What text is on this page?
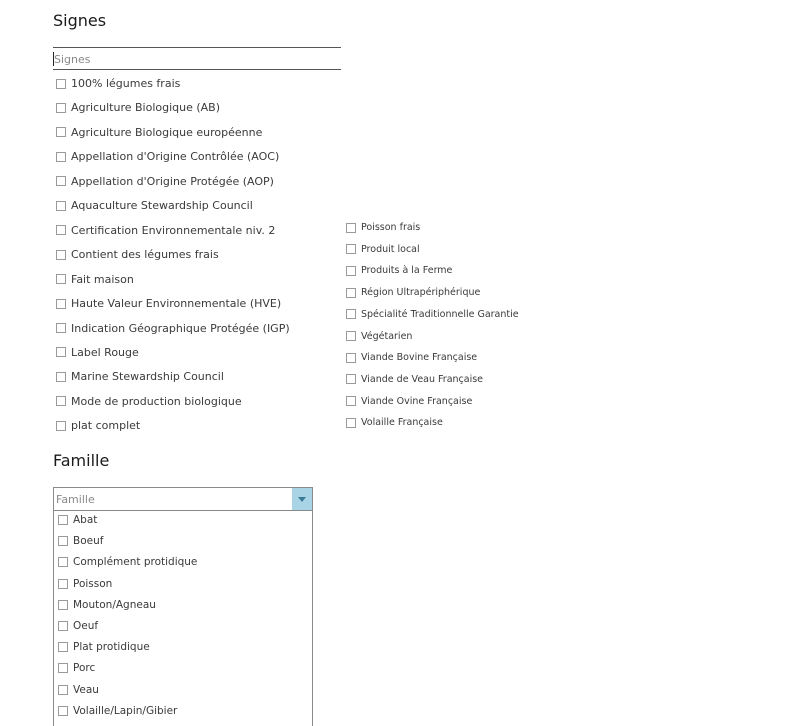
Signes
Signes
100% légumes frais
Agriculture Biologique (AB)
Agriculture Biologique européenne
Appellation d'Origine Contrôlée (AOC)
Appellation d'Origine Protégée (AOP)
Aquaculture Stewardship Council
Certification Environnementale niv. 2
Contient des légumes frais
Fait maison
Haute Valeur Environnementale (HVE)
Indication Géographique Protégée (IGP)
Label Rouge
Marine Stewardship Council
Mode de production biologique
plat complet
Poisson frais
Produit local
Produits à la Ferme
Région Ultrapériphérique
Spécialité Traditionnelle Garantie
Végétarien
Viande Bovine Française
Viande de Veau Française
Viande Ovine Française
Volaille Française
Famille
Famille
Abat
Boeuf
Complément protidique
Poisson
Mouton/Agneau
Oeuf
Plat protidique
Porc
Veau
Volaille/Lapin/Gibier
